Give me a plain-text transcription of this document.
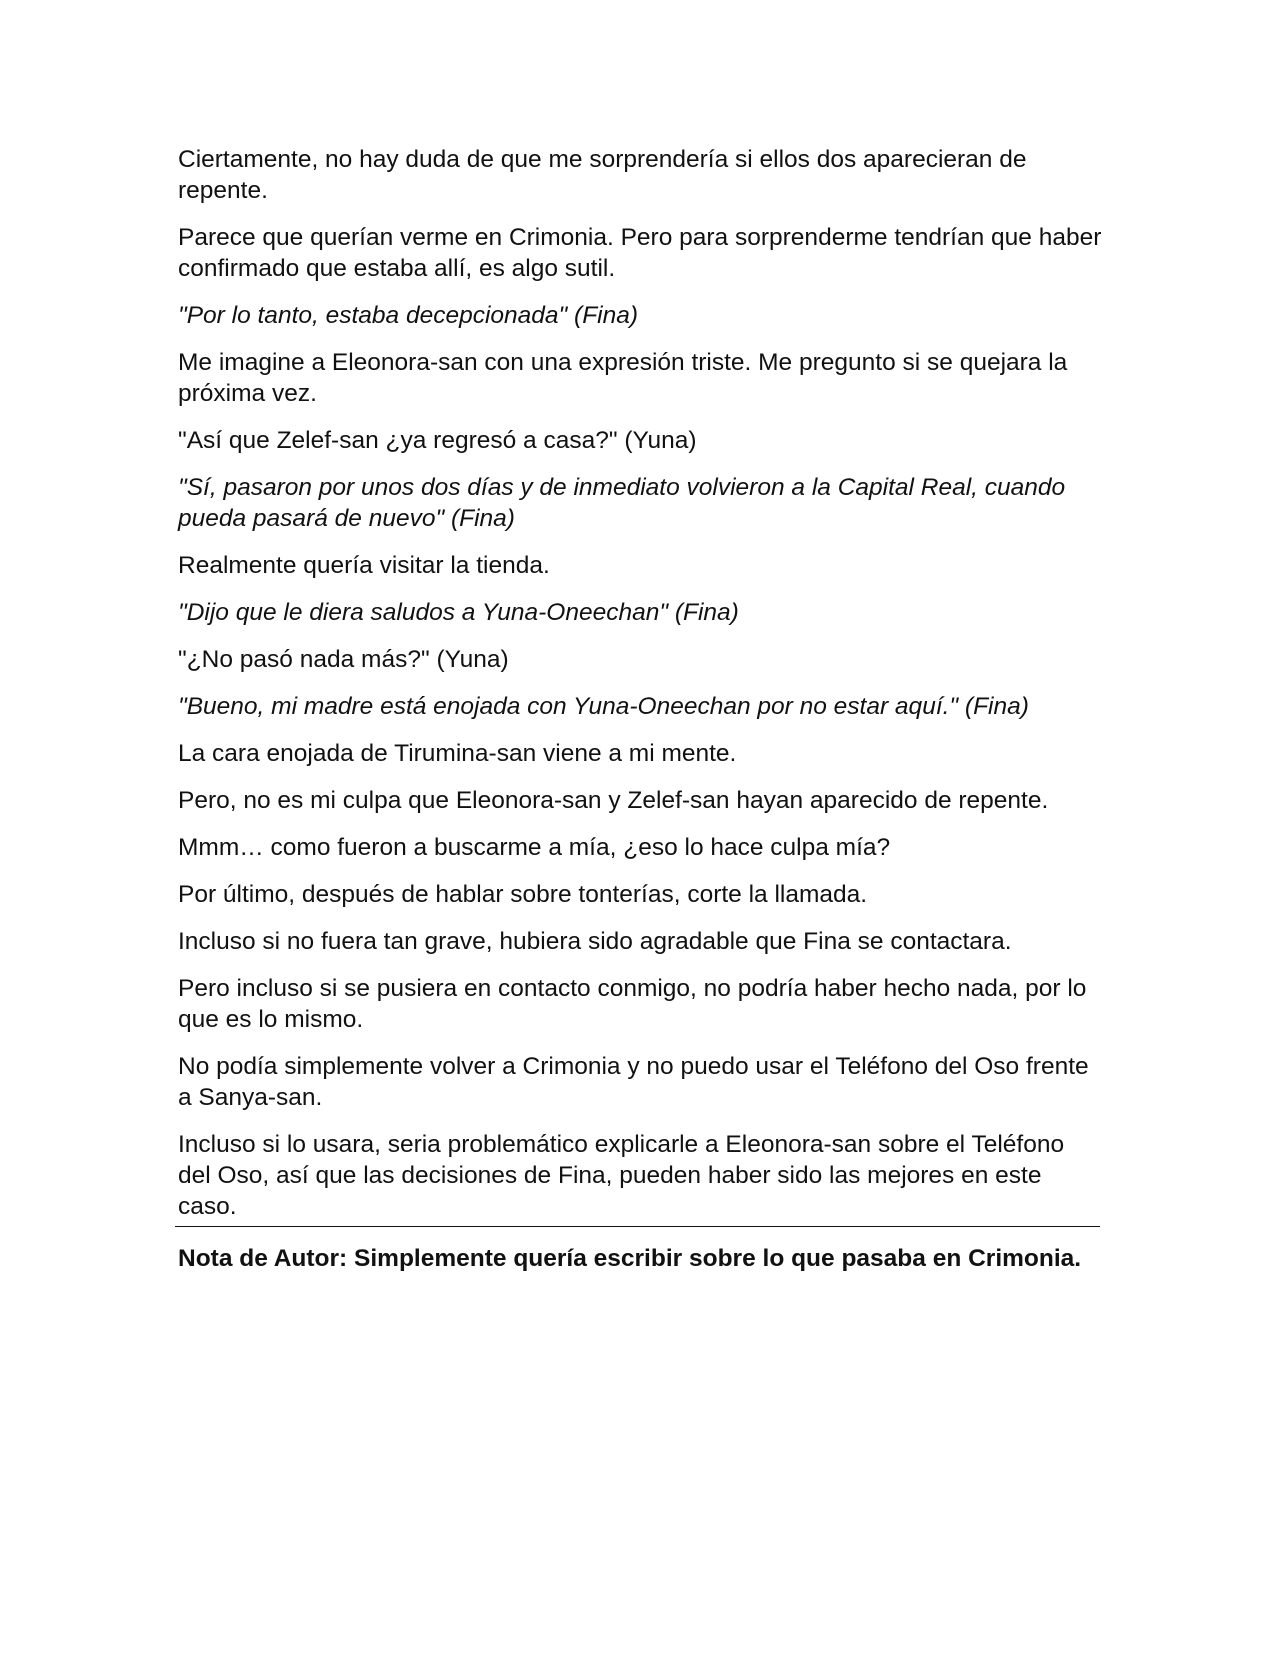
Ciertamente, no hay duda de que me sorprendería si ellos dos aparecieran de repente.

Parece que querían verme en Crimonia. Pero para sorprenderme tendrían que haber confirmado que estaba allí, es algo sutil.

"Por lo tanto, estaba decepcionada" (Fina)

Me imagine a Eleonora-san con una expresión triste. Me pregunto si se quejara la próxima vez.

"Así que Zelef-san ¿ya regresó a casa?" (Yuna)

"Sí, pasaron por unos dos días y de inmediato volvieron a la Capital Real, cuando pueda pasará de nuevo" (Fina)

Realmente quería visitar la tienda.

"Dijo que le diera saludos a Yuna-Oneechan" (Fina)

"¿No pasó nada más?" (Yuna)

"Bueno, mi madre está enojada con Yuna-Oneechan por no estar aquí." (Fina)

La cara enojada de Tirumina-san viene a mi mente.

Pero, no es mi culpa que Eleonora-san y Zelef-san hayan aparecido de repente.

Mmm… como fueron a buscarme a mía, ¿eso lo hace culpa mía?

Por último, después de hablar sobre tonterías, corte la llamada.

Incluso si no fuera tan grave, hubiera sido agradable que Fina se contactara.

Pero incluso si se pusiera en contacto conmigo, no podría haber hecho nada, por lo que es lo mismo.

No podía simplemente volver a Crimonia y no puedo usar el Teléfono del Oso frente a Sanya-san.

Incluso si lo usara, seria problemático explicarle a Eleonora-san sobre el Teléfono del Oso, así que las decisiones de Fina, pueden haber sido las mejores en este caso.

Nota de Autor: Simplemente quería escribir sobre lo que pasaba en Crimonia.
